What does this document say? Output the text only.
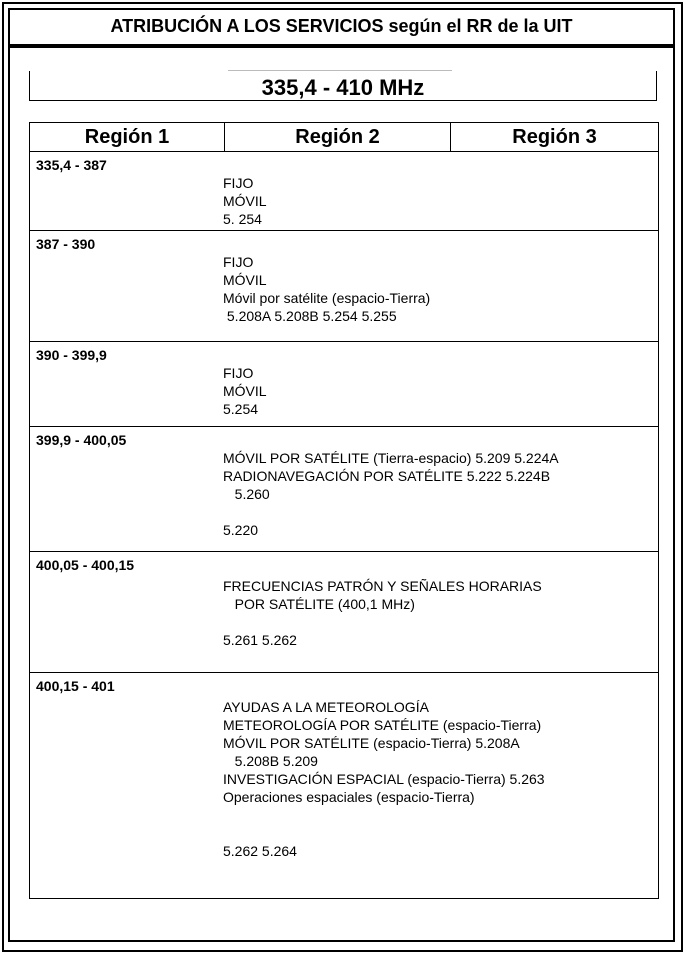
ATRIBUCIÓN A LOS SERVICIOS según el RR de la UIT
335,4 - 410 MHz
Región 1	Región 2	Región 3

335,4 - 387
FIJO
MÓVIL
5. 254

387 - 390
FIJO
MÓVIL
Móvil por satélite (espacio-Tierra)
5.208A 5.208B 5.254 5.255

390 - 399,9
FIJO
MÓVIL
5.254

399,9 - 400,05
MÓVIL POR SATÉLITE (Tierra-espacio) 5.209 5.224A
RADIONAVEGACIÓN POR SATÉLITE 5.222 5.224B
5.260
5.220

400,05 - 400,15
FRECUENCIAS PATRÓN Y SEÑALES HORARIAS
POR SATÉLITE (400,1 MHz)
5.261 5.262

400,15 - 401
AYUDAS A LA METEOROLOGÍA
METEOROLOGÍA POR SATÉLITE (espacio-Tierra)
MÓVIL POR SATÉLITE (espacio-Tierra) 5.208A
5.208B 5.209
INVESTIGACIÓN ESPACIAL (espacio-Tierra) 5.263
Operaciones espaciales (espacio-Tierra)
5.262 5.264
